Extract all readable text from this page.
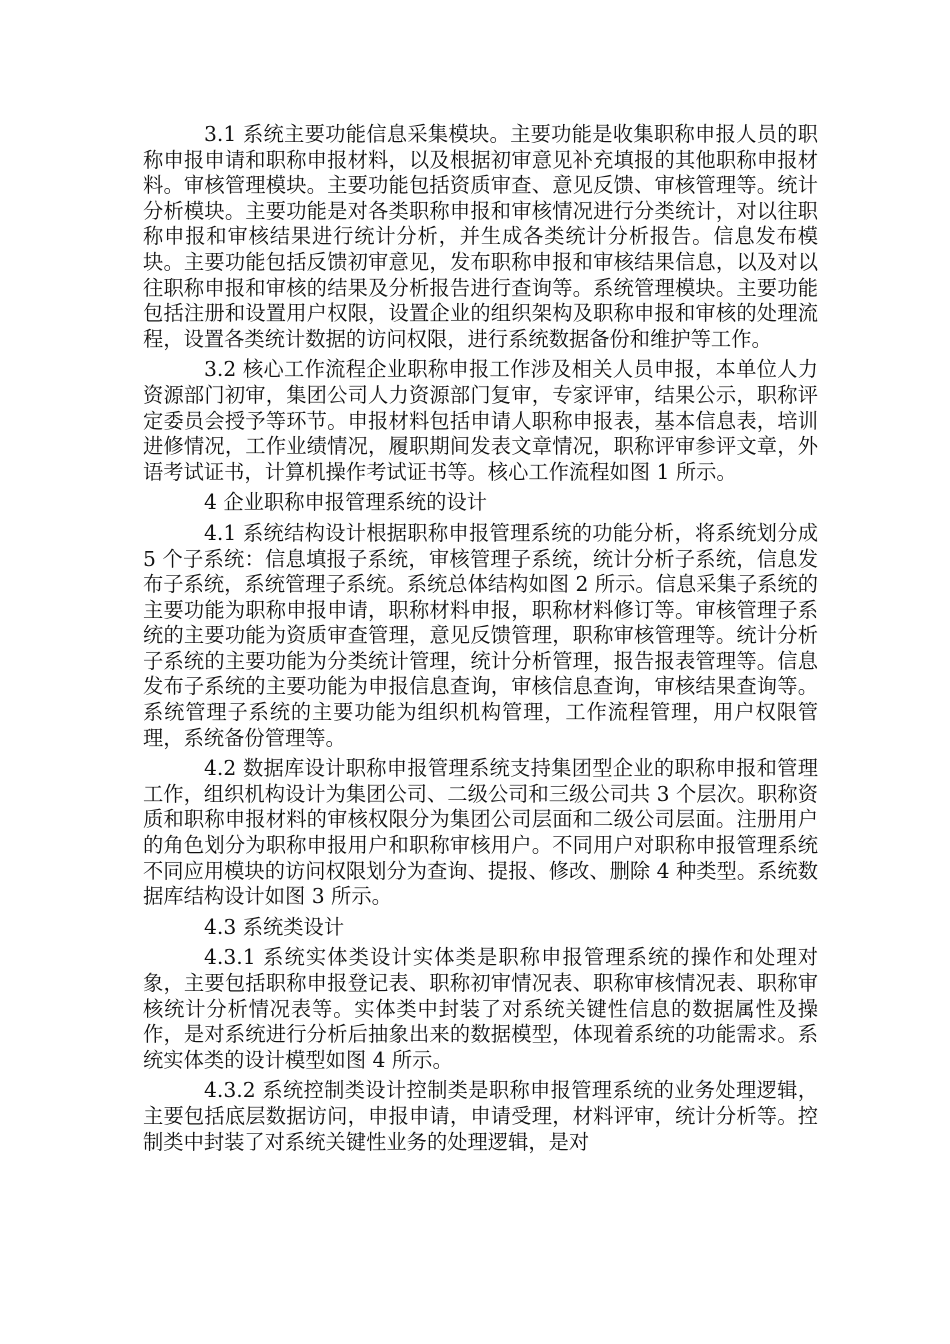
3.1 系统主要功能信息采集模块。主要功能是收集职称申报人员的职称申报申请和职称申报材料，以及根据初审意见补充填报的其他职称申报材料。审核管理模块。主要功能包括资质审查、意见反馈、审核管理等。统计分析模块。主要功能是对各类职称申报和审核情况进行分类统计，对以往职称申报和审核结果进行统计分析，并生成各类统计分析报告。信息发布模块。主要功能包括反馈初审意见，发布职称申报和审核结果信息，以及对以往职称申报和审核的结果及分析报告进行查询等。系统管理模块。主要功能包括注册和设置用户权限，设置企业的组织架构及职称申报和审核的处理流程，设置各类统计数据的访问权限，进行系统数据备份和维护等工作。

3.2 核心工作流程企业职称申报工作涉及相关人员申报，本单位人力资源部门初审，集团公司人力资源部门复审，专家评审，结果公示，职称评定委员会授予等环节。申报材料包括申请人职称申报表，基本信息表，培训进修情况，工作业绩情况，履职期间发表文章情况，职称评审参评文章，外语考试证书，计算机操作考试证书等。核心工作流程如图 1 所示。

4 企业职称申报管理系统的设计

4.1 系统结构设计根据职称申报管理系统的功能分析，将系统划分成 5 个子系统：信息填报子系统，审核管理子系统，统计分析子系统，信息发布子系统，系统管理子系统。系统总体结构如图 2 所示。信息采集子系统的主要功能为职称申报申请，职称材料申报，职称材料修订等。审核管理子系统的主要功能为资质审查管理，意见反馈管理，职称审核管理等。统计分析子系统的主要功能为分类统计管理，统计分析管理，报告报表管理等。信息发布子系统的主要功能为申报信息查询，审核信息查询，审核结果查询等。系统管理子系统的主要功能为组织机构管理，工作流程管理，用户权限管理，系统备份管理等。

4.2 数据库设计职称申报管理系统支持集团型企业的职称申报和管理工作，组织机构设计为集团公司、二级公司和三级公司共 3 个层次。职称资质和职称申报材料的审核权限分为集团公司层面和二级公司层面。注册用户的角色划分为职称申报用户和职称审核用户。不同用户对职称申报管理系统不同应用模块的访问权限划分为查询、提报、修改、删除 4 种类型。系统数据库结构设计如图 3 所示。

4.3 系统类设计

4.3.1 系统实体类设计实体类是职称申报管理系统的操作和处理对象，主要包括职称申报登记表、职称初审情况表、职称审核情况表、职称审核统计分析情况表等。实体类中封装了对系统关键性信息的数据属性及操作，是对系统进行分析后抽象出来的数据模型，体现着系统的功能需求。系统实体类的设计模型如图 4 所示。

4.3.2 系统控制类设计控制类是职称申报管理系统的业务处理逻辑，主要包括底层数据访问，申报申请，申请受理，材料评审，统计分析等。控制类中封装了对系统关键性业务的处理逻辑，是对
